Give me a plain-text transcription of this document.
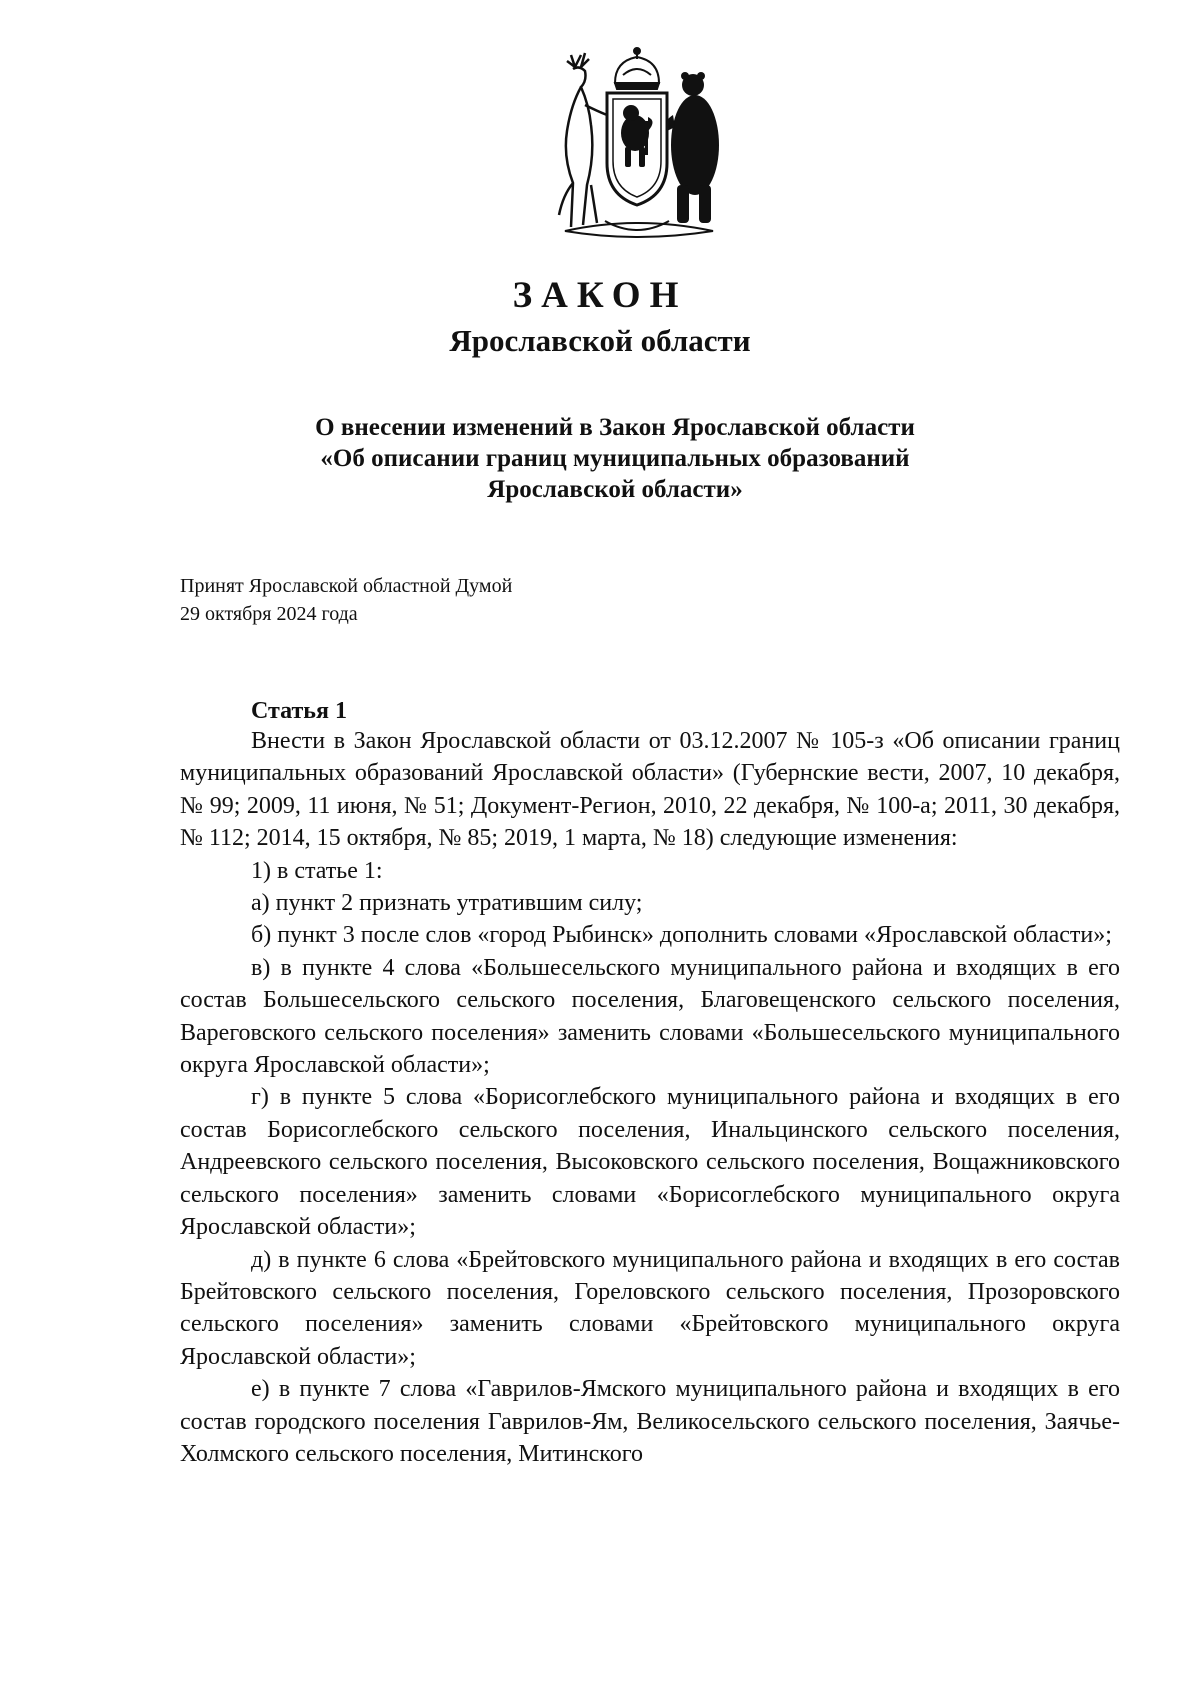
ЗАКОН
Ярославской области
О внесении изменений в Закон Ярославской области
«Об описании границ муниципальных образований
Ярославской области»
Принят Ярославской областной Думой
29 октября 2024 года
Статья 1
Внести в Закон Ярославской области от 03.12.2007 № 105-з «Об описании границ муниципальных образований Ярославской области» (Губернские вести, 2007, 10 декабря, № 99; 2009, 11 июня, № 51; Документ-Регион, 2010, 22 декабря, № 100-а; 2011, 30 декабря, № 112; 2014, 15 октября, № 85; 2019, 1 марта, № 18) следующие изменения:
1) в статье 1:
а) пункт 2 признать утратившим силу;
б) пункт 3 после слов «город Рыбинск» дополнить словами «Ярославской области»;
в) в пункте 4 слова «Большесельского муниципального района и входящих в его состав Большесельского сельского поселения, Благовещенского сельского поселения, Вареговского сельского поселения» заменить словами «Большесельского муниципального округа Ярославской области»;
г) в пункте 5 слова «Борисоглебского муниципального района и входящих в его состав Борисоглебского сельского поселения, Инальцинского сельского поселения, Андреевского сельского поселения, Высоковского сельского поселения, Вощажниковского сельского поселения» заменить словами «Борисоглебского муниципального округа Ярославской области»;
д) в пункте 6 слова «Брейтовского муниципального района и входящих в его состав Брейтовского сельского поселения, Гореловского сельского поселения, Прозоровского сельского поселения» заменить словами «Брейтовского муниципального округа Ярославской области»;
е) в пункте 7 слова «Гаврилов-Ямского муниципального района и входящих в его состав городского поселения Гаврилов-Ям, Великосельского сельского поселения, Заячье-Холмского сельского поселения, Митинского
